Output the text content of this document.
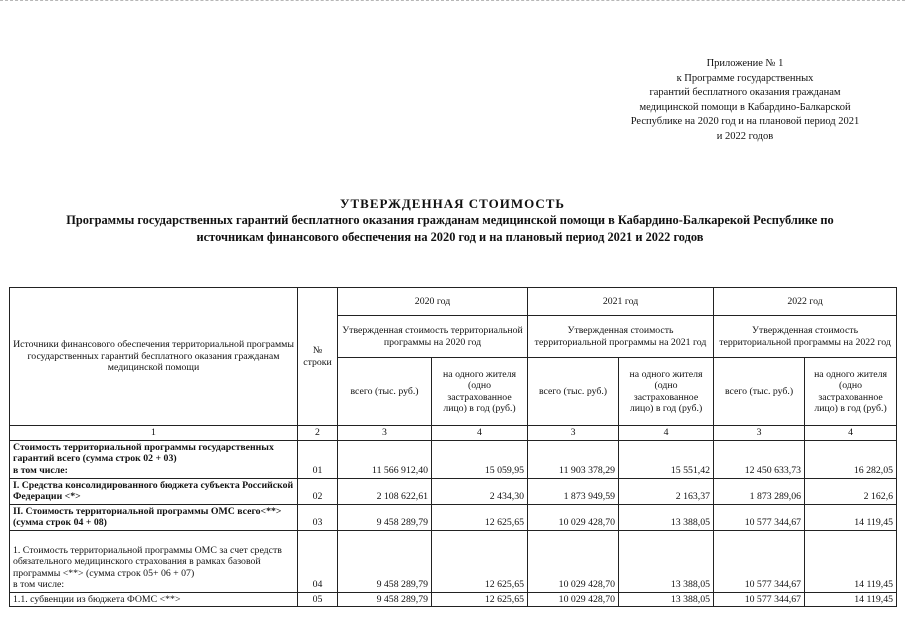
Приложение № 1
к Программе государственных
гарантий бесплатного оказания гражданам
медицинской помощи в Кабардино-Балкарской
Республике на 2020 год и на плановой период 2021
и 2022 годов
УТВЕРЖДЕННАЯ СТОИМОСТЬ
Программы государственных гарантий бесплатного оказания гражданам медицинской помощи в Кабардино-Балкарекой Республике по
источникам финансового обеспечения на 2020 год и на плановый период 2021 и 2022 годов
Источники финансового обеспечения территориальной программы государственных гарантий бесплатного оказания гражданам медицинской помощи	№ строки	2020 год		2021 год		2022 год	
		Утвержденная стоимость территориальной программы на 2020 год		Утвержденная стоимость территориальной программы на 2021 год		Утвержденная стоимость территориальной программы на 2022 год	
		всего (тыс. руб.)	на одного жителя (одно застрахованное лицо) в год (руб.)	всего (тыс. руб.)	на одного жителя (одно застрахованное лицо) в год (руб.)	всего (тыс. руб.)	на одного жителя (одно застрахованное лицо) в год (руб.)
1	2	3	4	3	4	3	4

Стоимость территориальной программы государственных гарантий всего (сумма строк 02 + 03)
в том числе:	01	11 566 912,40	15 059,95	11 903 378,29	15 551,42	12 450 633,73	16 282,05
I. Средства консолидированного бюджета субъекта Российской Федерации <*>	02	2 108 622,61	2 434,30	1 873 949,59	2 163,37	1 873 289,06	2 162,6
II. Стоимость территориальной программы ОМС всего<**> (сумма строк 04 + 08)	03	9 458 289,79	12 625,65	10 029 428,70	13 388,05	10 577 344,67	14 119,45

1. Стоимость территориальной программы ОМС за счет средств обязательного медицинского страхования в рамках базовой программы <**> (сумма строк 05+ 06 + 07)
в том числе:	04	9 458 289,79	12 625,65	10 029 428,70	13 388,05	10 577 344,67	14 119,45
1.1. субвенции из бюджета ФОМС <**>	05	9 458 289,79	12 625,65	10 029 428,70	13 388,05	10 577 344,67	14 119,45
